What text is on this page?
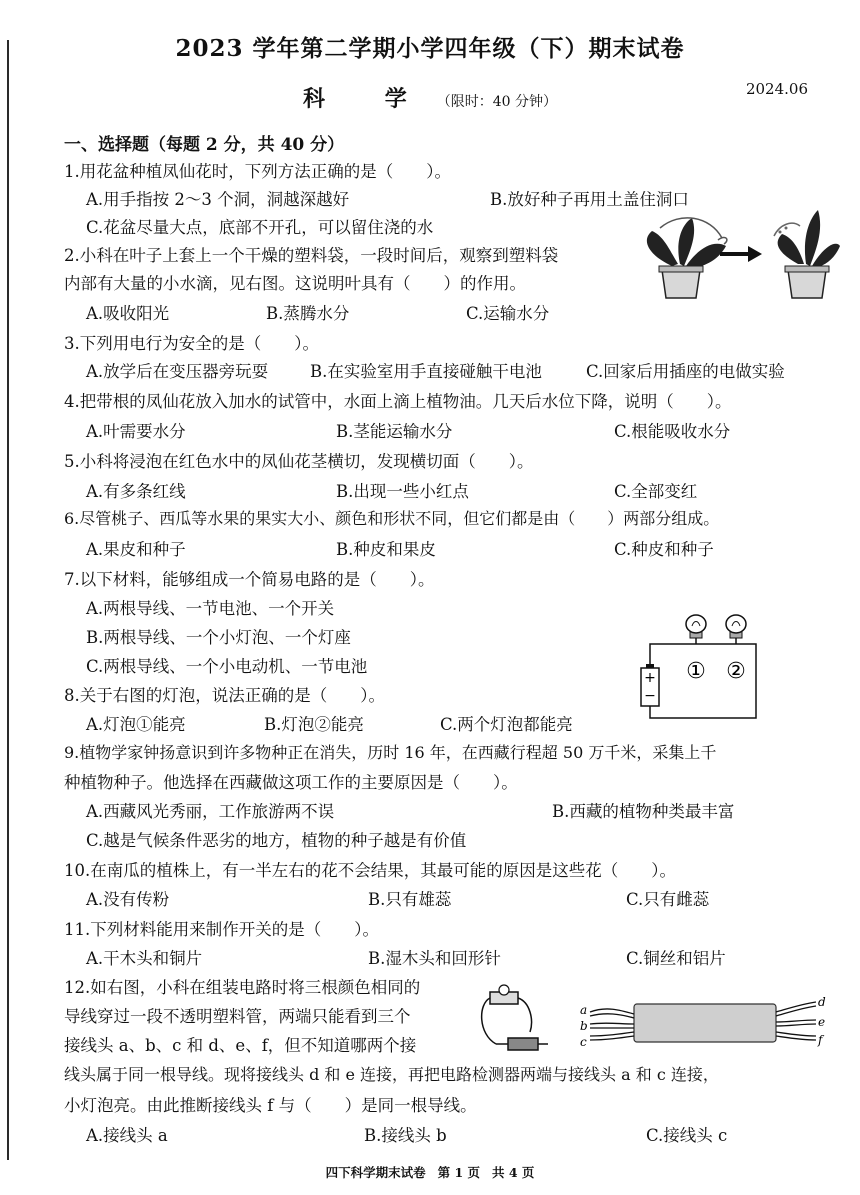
2023 学年第二学期小学四年级（下）期末试卷
科 学 （限时：40 分钟）
2024.06
一、选择题（每题 2 分，共 40 分）
1.用花盆种植凤仙花时，下列方法正确的是（　　）。
A.用手指按 2～3 个洞，洞越深越好	B.放好种子再用土盖住洞口
C.花盆尽量大点，底部不开孔，可以留住浇的水
2.小科在叶子上套上一个干燥的塑料袋，一段时间后，观察到塑料袋
内部有大量的小水滴，见右图。这说明叶具有（　　）的作用。
A.吸收阳光	B.蒸腾水分	C.运输水分
3.下列用电行为安全的是（　　）。
A.放学后在变压器旁玩耍	B.在实验室用手直接碰触干电池	C.回家后用插座的电做实验
4.把带根的凤仙花放入加水的试管中，水面上滴上植物油。几天后水位下降，说明（　　）。
A.叶需要水分	B.茎能运输水分	C.根能吸收水分
5.小科将浸泡在红色水中的凤仙花茎横切，发现横切面（　　）。
A.有多条红线	B.出现一些小红点	C.全部变红
6.尽管桃子、西瓜等水果的果实大小、颜色和形状不同，但它们都是由（　　）两部分组成。
A.果皮和种子	B.种皮和果皮	C.种皮和种子
7.以下材料，能够组成一个简易电路的是（　　）。
A.两根导线、一节电池、一个开关
B.两根导线、一个小灯泡、一个灯座
C.两根导线、一个小电动机、一节电池
+
−
① ②
8.关于右图的灯泡，说法正确的是（　　）。
A.灯泡①能亮	B.灯泡②能亮	C.两个灯泡都能亮
9.植物学家钟扬意识到许多物种正在消失，历时 16 年，在西藏行程超 50 万千米，采集上千
种植物种子。他选择在西藏做这项工作的主要原因是（　　）。
A.西藏风光秀丽，工作旅游两不误	B.西藏的植物种类最丰富
C.越是气候条件恶劣的地方，植物的种子越是有价值
10.在南瓜的植株上，有一半左右的花不会结果，其最可能的原因是这些花（　　）。
A.没有传粉	B.只有雄蕊	C.只有雌蕊
11.下列材料能用来制作开关的是（　　）。
A.干木头和铜片	B.湿木头和回形针	C.铜丝和铝片
12.如右图，小科在组装电路时将三根颜色相同的
导线穿过一段不透明塑料管，两端只能看到三个
接线头 a、b、c 和 d、e、f，但不知道哪两个接
线头属于同一根导线。现将接线头 d 和 e 连接，再把电路检测器两端与接线头 a 和 c 连接，
小灯泡亮。由此推断接线头 f 与（　　）是同一根导线。
A.接线头 a	B.接线头 b	C.接线头 c
a
b
c
d
e
f
四下科学期末试卷 第 1 页 共 4 页
